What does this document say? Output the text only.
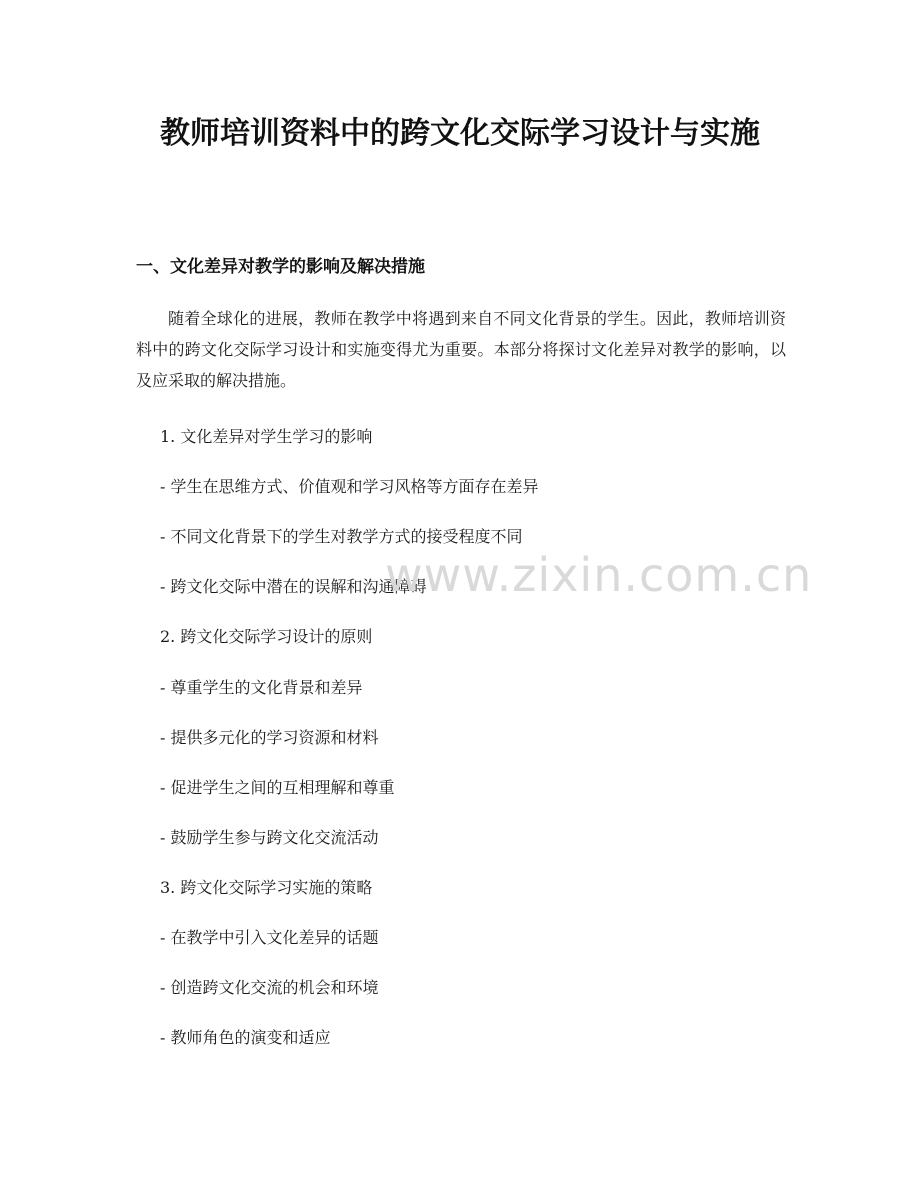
教师培训资料中的跨文化交际学习设计与实施
一、文化差异对教学的影响及解决措施
随着全球化的进展，教师在教学中将遇到来自不同文化背景的学生。因此，教师培训资料中的跨文化交际学习设计和实施变得尤为重要。本部分将探讨文化差异对教学的影响，以及应采取的解决措施。
1. 文化差异对学生学习的影响
- 学生在思维方式、价值观和学习风格等方面存在差异
- 不同文化背景下的学生对教学方式的接受程度不同
- 跨文化交际中潜在的误解和沟通障碍
2. 跨文化交际学习设计的原则
- 尊重学生的文化背景和差异
- 提供多元化的学习资源和材料
- 促进学生之间的互相理解和尊重
- 鼓励学生参与跨文化交流活动
3. 跨文化交际学习实施的策略
- 在教学中引入文化差异的话题
- 创造跨文化交流的机会和环境
- 教师角色的演变和适应
www.zixin.com.cn
